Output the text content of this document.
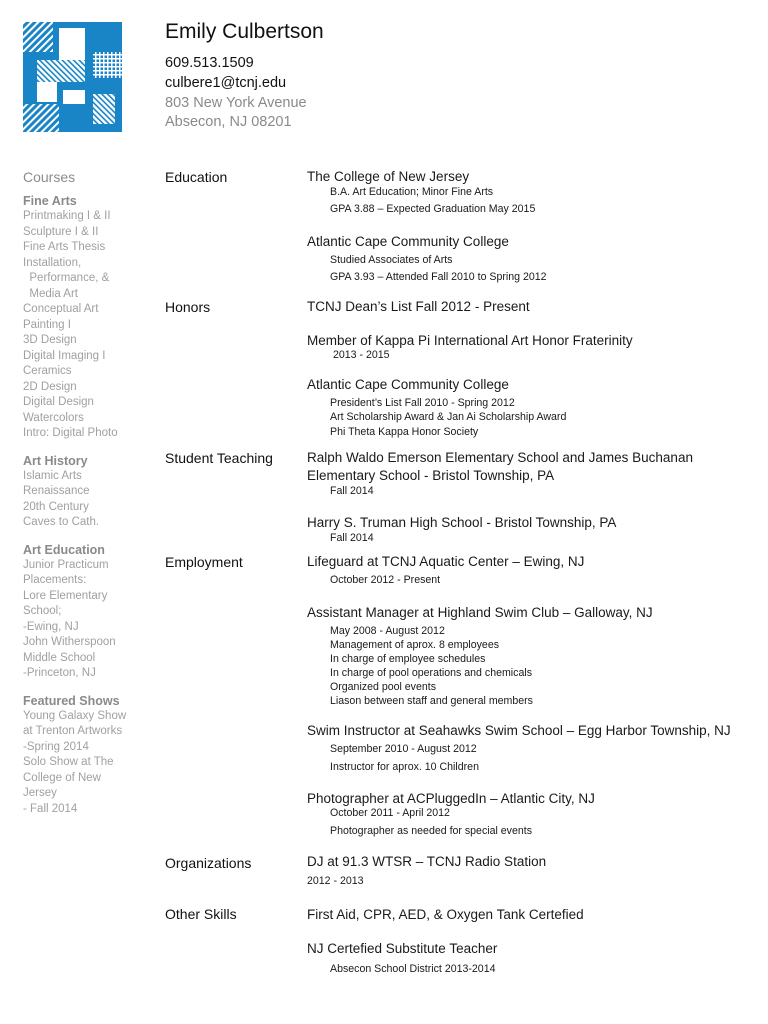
Emily Culbertson
609.513.1509
culbere1@tcnj.edu
803 New York Avenue
Absecon, NJ 08201
Courses
Fine Arts
Printmaking I & II
Sculpture I & II
Fine Arts Thesis
Installation,
Performance, &
Media Art
Conceptual Art
Painting I
3D Design
Digital Imaging I
Ceramics
2D Design
Digital Design
Watercolors
Intro: Digital Photo
Art History
Islamic Arts
Renaissance
20th Century
Caves to Cath.
Art Education
Junior Practicum
Placements:
Lore Elementary
School;
-Ewing, NJ
John Witherspoon
Middle School
-Princeton, NJ
Featured Shows
Young Galaxy Show
at Trenton Artworks
-Spring 2014
Solo Show at The
College of New
Jersey
- Fall 2014
Education
Honors
Student Teaching
Employment
Organizations
Other Skills
The College of New Jersey
B.A. Art Education; Minor Fine Arts
GPA 3.88 – Expected Graduation May 2015
Atlantic Cape Community College
Studied Associates of Arts
GPA 3.93 – Attended Fall 2010 to Spring 2012
TCNJ Dean’s List Fall 2012 - Present
Member of Kappa Pi International Art Honor Fraterinity
2013 - 2015
Atlantic Cape Community College
President’s List Fall 2010 - Spring 2012
Art Scholarship Award & Jan Ai Scholarship Award
Phi Theta Kappa Honor Society
Ralph Waldo Emerson Elementary School and James Buchanan
Elementary School - Bristol Township, PA
Fall 2014
Harry S. Truman High School - Bristol Township, PA
Fall 2014
Lifeguard at TCNJ Aquatic Center – Ewing, NJ
October 2012 - Present
Assistant Manager at Highland Swim Club – Galloway, NJ
May 2008 - August 2012
Management of aprox. 8 employees
In charge of employee schedules
In charge of pool operations and chemicals
Organized pool events
Liason between staff and general members
Swim Instructor at Seahawks Swim School – Egg Harbor Township, NJ
September 2010 - August 2012
Instructor for aprox. 10 Children
Photographer at ACPluggedIn – Atlantic City, NJ
October 2011 - April 2012
Photographer as needed for special events
DJ at 91.3 WTSR – TCNJ Radio Station
2012 - 2013
First Aid, CPR, AED, & Oxygen Tank Certefied
NJ Certefied Substitute Teacher
Absecon School District 2013-2014
